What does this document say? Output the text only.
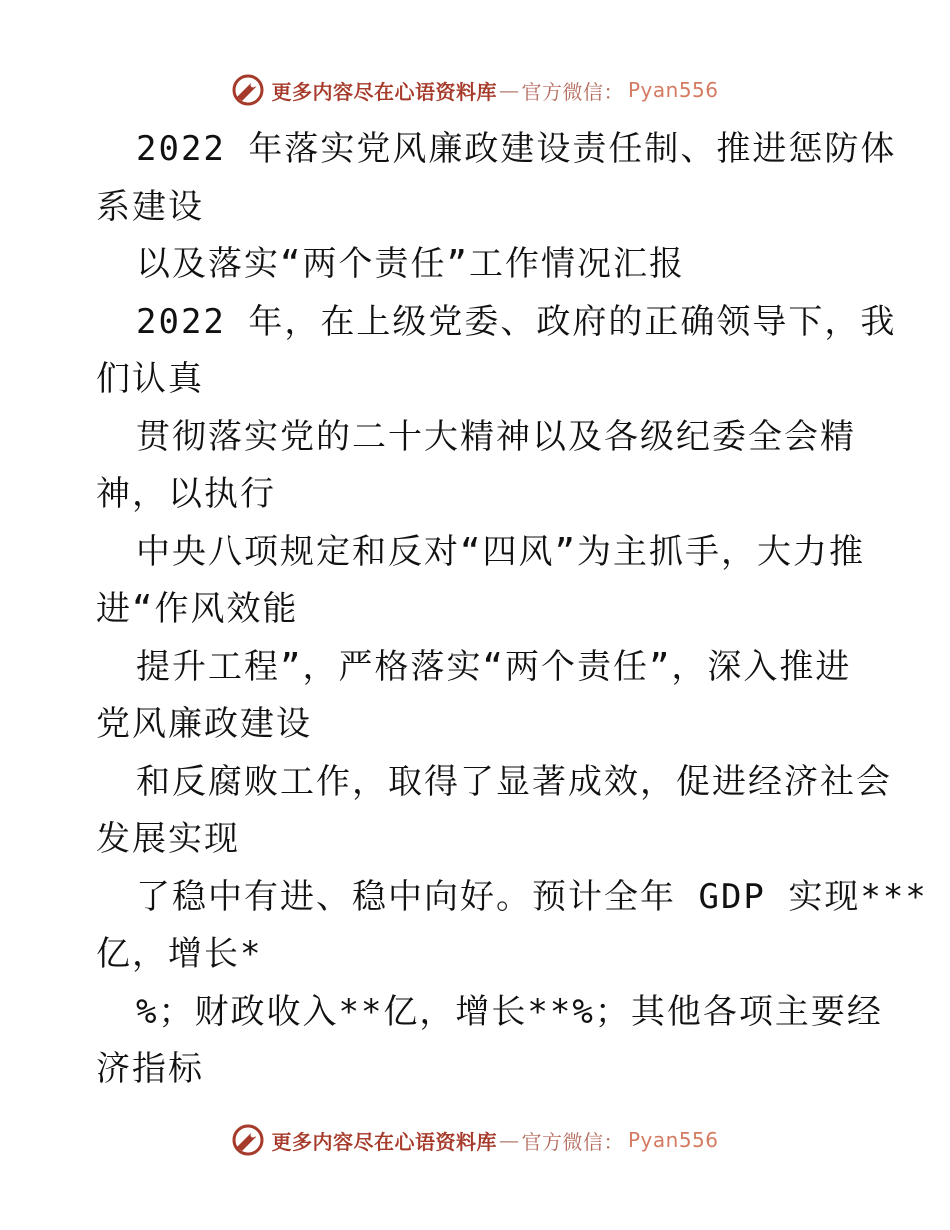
更多内容尽在心语资料库 — 官方微信： Pyan556
2022 年落实党风廉政建设责任制、推进惩防体
系建设
以及落实“两个责任”工作情况汇报
2022 年，在上级党委、政府的正确领导下，我
们认真
贯彻落实党的二十大精神以及各级纪委全会精
神，以执行
中央八项规定和反对“四风”为主抓手，大力推
进“作风效能
提升工程”，严格落实“两个责任”，深入推进
党风廉政建设
和反腐败工作，取得了显著成效，促进经济社会
发展实现
了稳中有进、稳中向好。预计全年 GDP 实现***
亿，增长*
%；财政收入**亿，增长**%；其他各项主要经
济指标
更多内容尽在心语资料库 — 官方微信： Pyan556
